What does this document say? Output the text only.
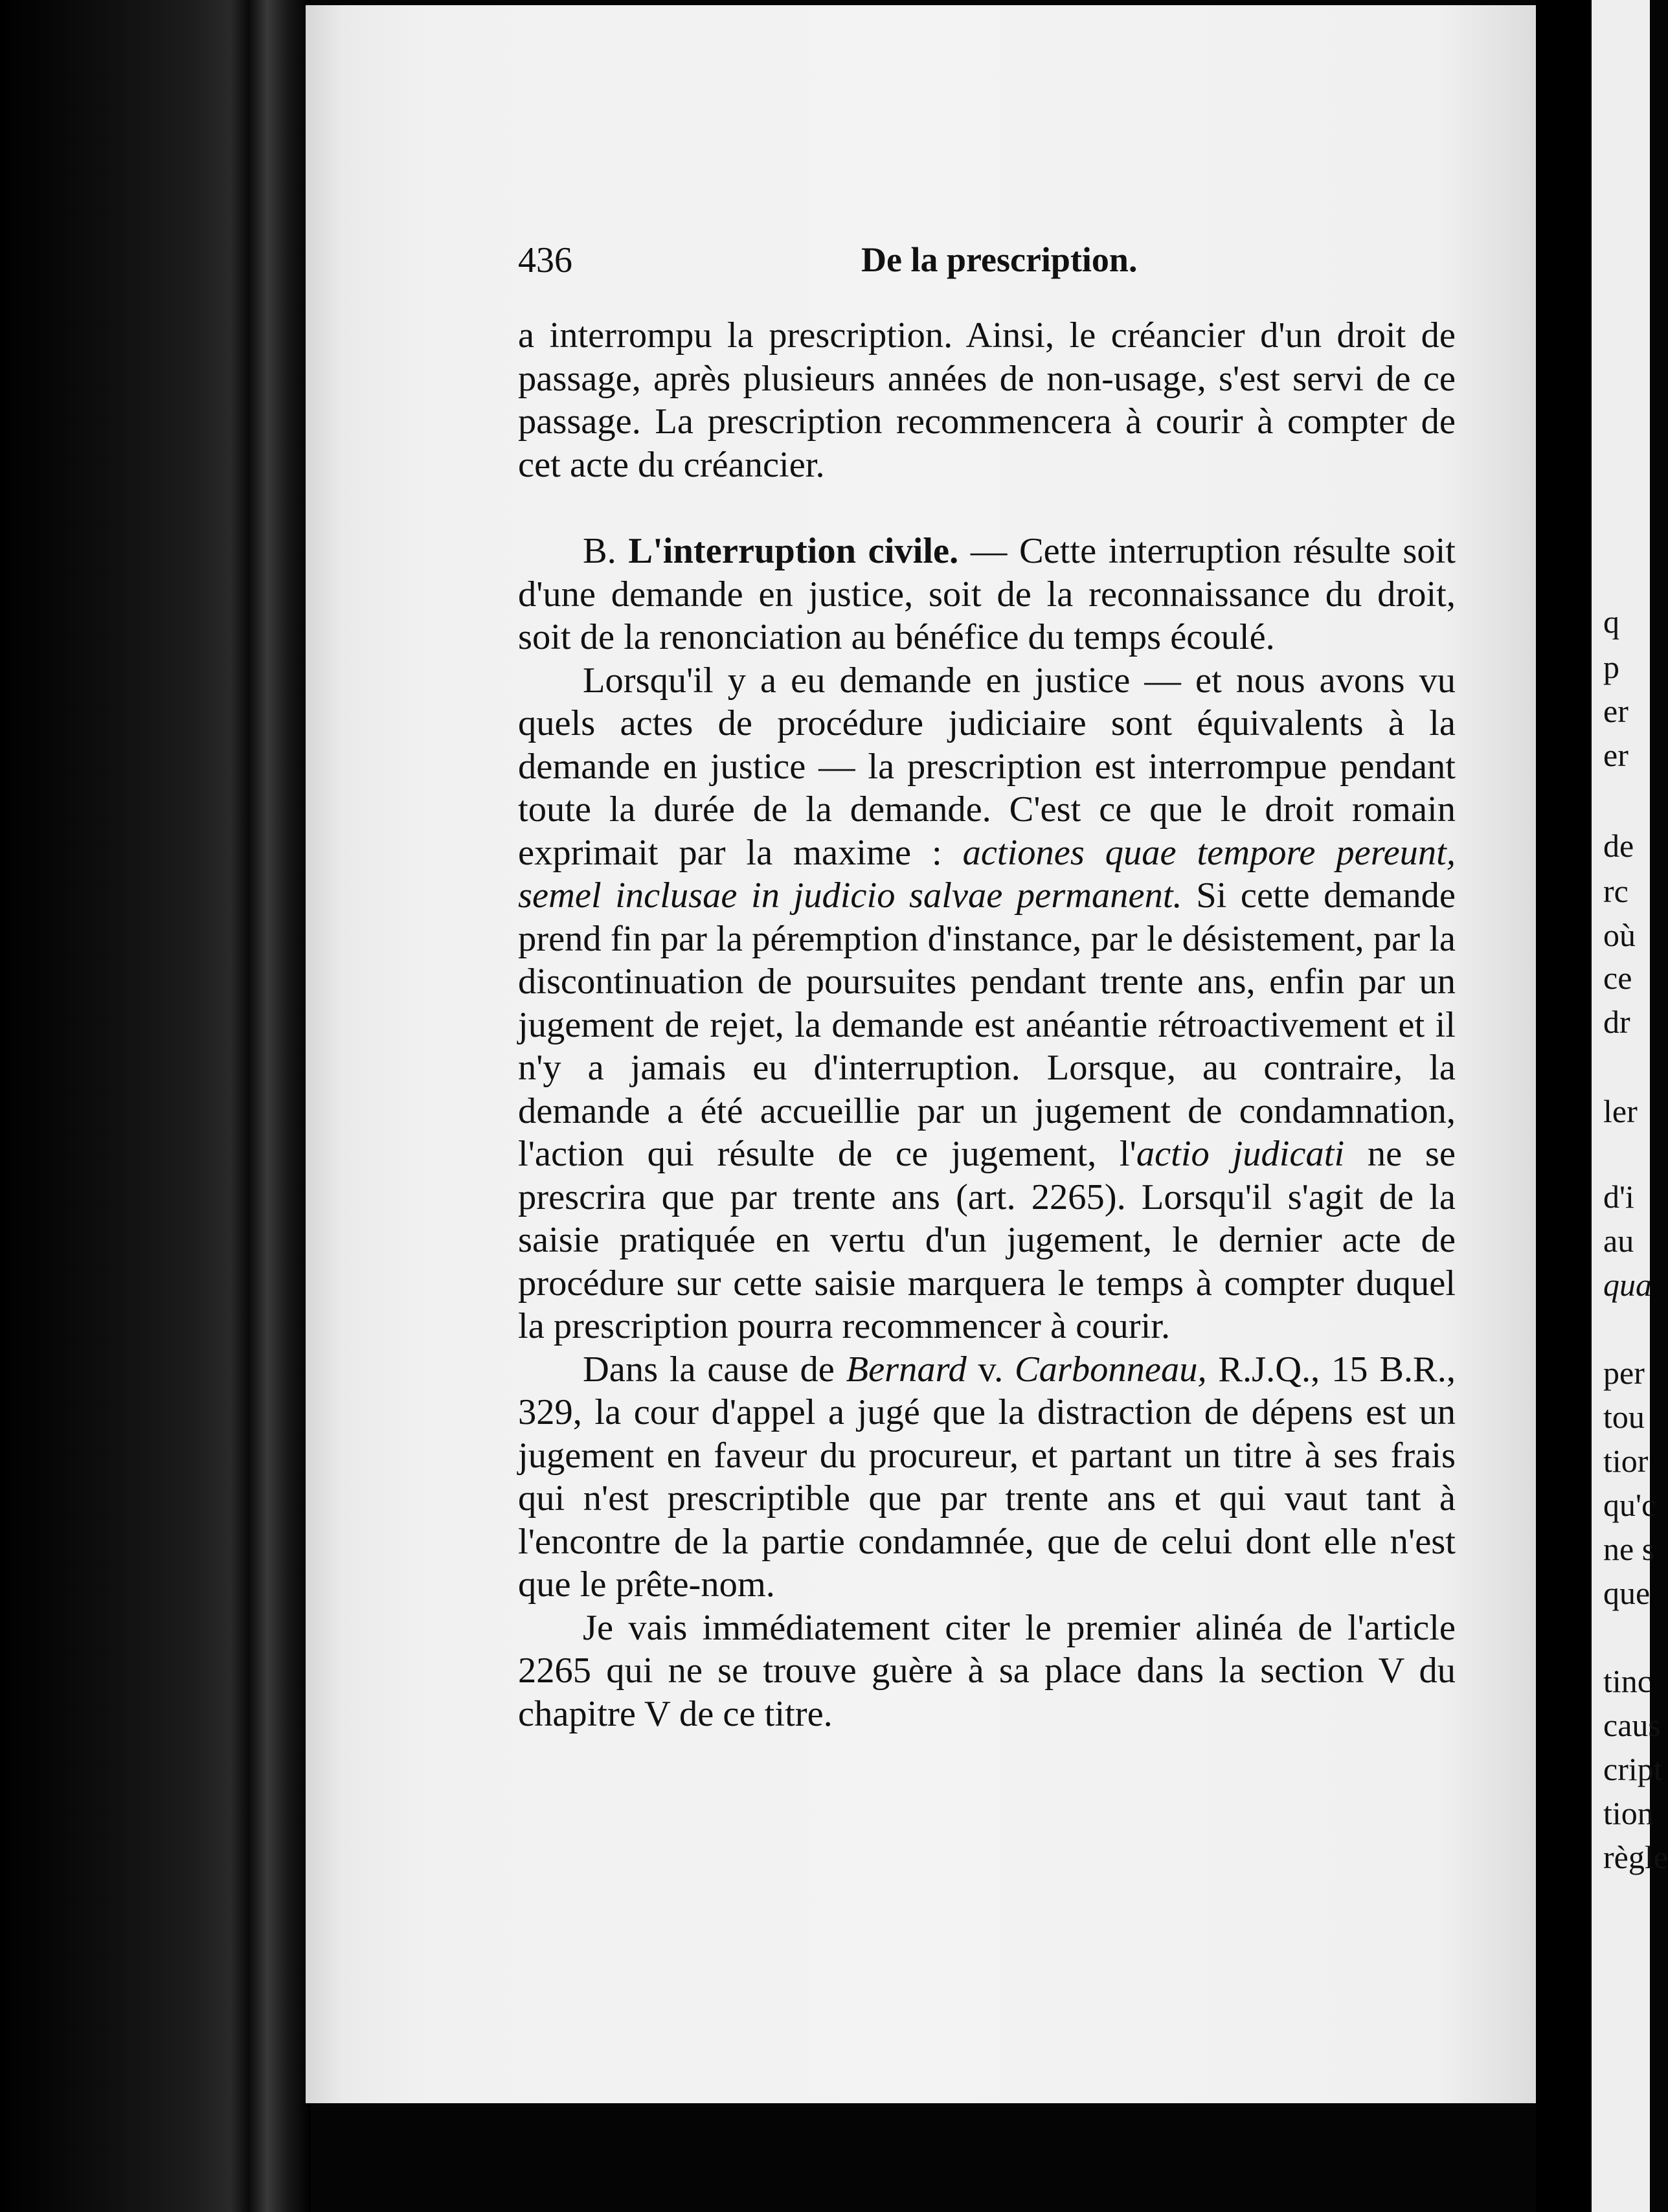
436	De la prescription.

a interrompu la prescription. Ainsi, le créancier d'un droit de passage, après plusieurs années de non-usage, s'est servi de ce passage. La prescription recommencera à courir à compter de cet acte du créancier.

B. L'interruption civile. — Cette interruption résulte soit d'une demande en justice, soit de la reconnaissance du droit, soit de la renonciation au bénéfice du temps écoulé.

Lorsqu'il y a eu demande en justice — et nous avons vu quels actes de procédure judiciaire sont équivalents à la demande en justice — la prescription est interrompue pendant toute la durée de la demande. C'est ce que le droit romain exprimait par la maxime : actiones quae tempore pereunt, semel inclusae in judicio salvae permanent. Si cette demande prend fin par la péremption d'instance, par le désistement, par la discontinuation de poursuites pendant trente ans, enfin par un jugement de rejet, la demande est anéantie rétroactivement et il n'y a jamais eu d'interruption. Lorsque, au contraire, la demande a été accueillie par un jugement de condamnation, l'action qui résulte de ce jugement, l'actio judicati ne se prescrira que par trente ans (art. 2265). Lorsqu'il s'agit de la saisie pratiquée en vertu d'un jugement, le dernier acte de procédure sur cette saisie marquera le temps à compter duquel la prescription pourra recommencer à courir.

Dans la cause de Bernard v. Carbonneau, R.J.Q., 15 B.R., 329, la cour d'appel a jugé que la distraction de dépens est un jugement en faveur du procureur, et partant un titre à ses frais qui n'est prescriptible que par trente ans et qui vaut tant à l'encontre de la partie condamnée, que de celui dont elle n'est que le prête-nom.

Je vais immédiatement citer le premier alinéa de l'article 2265 qui ne se trouve guère à sa place dans la section V du chapitre V de ce titre.

q
p
er
er
de
rc
où
ce
dr
ler
d'i
au
qua
per
tou
tior
qu'c
ne s
que
tinc
caus
cript
tion
règle
